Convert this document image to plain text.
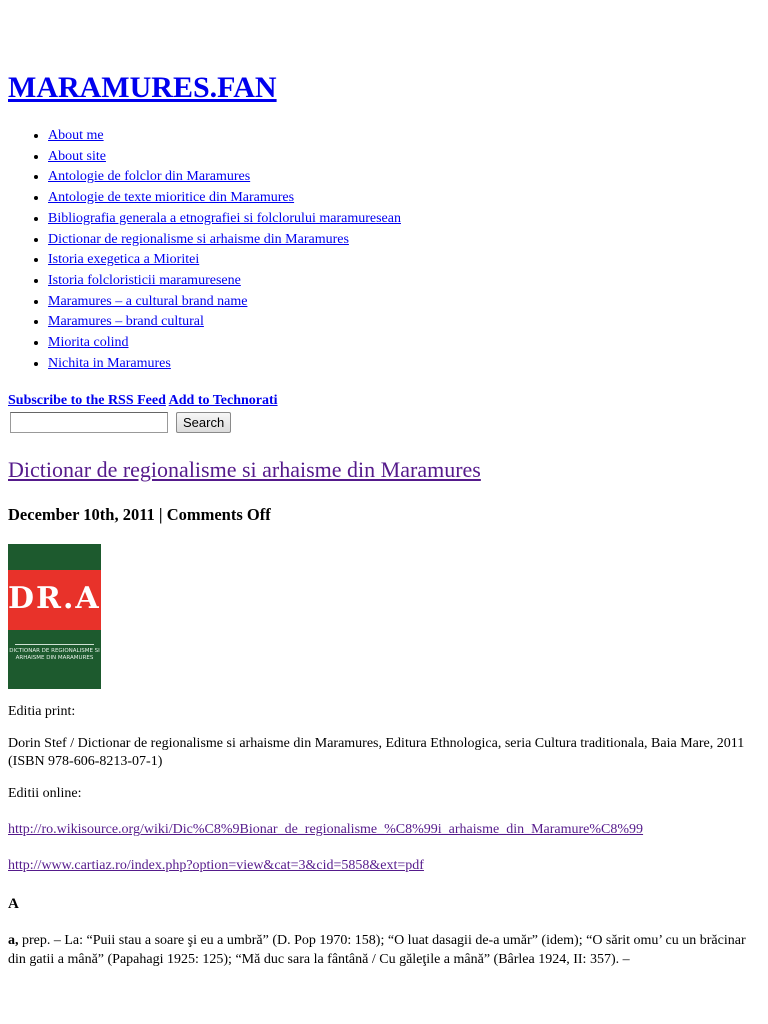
MARAMURES.FAN
• About me
• About site
• Antologie de folclor din Maramures
• Antologie de texte mioritice din Maramures
• Bibliografia generala a etnografiei si folclorului maramuresean
• Dictionar de regionalisme si arhaisme din Maramures
• Istoria exegetica a Mioritei
• Istoria folcloristicii maramuresene
• Maramures – a cultural brand name
• Maramures – brand cultural
• Miorita colind
• Nichita in Maramures
Subscribe to the RSS Feed Add to Technorati
Search
Dictionar de regionalisme si arhaisme din Maramures
December 10th, 2011 | Comments Off
DR.AH
DICTIONAR DE REGIONALISME SI ARHAISME DIN MARAMURES

Editia print:

Dorin Stef / Dictionar de regionalisme si arhaisme din Maramures, Editura Ethnologica, seria Cultura traditionala, Baia Mare, 2011 (ISBN 978-606-8213-07-1)

Editii online:

http://ro.wikisource.org/wiki/Dic%C8%9Bionar_de_regionalisme_%C8%99i_arhaisme_din_Maramure%C8%99

http://www.cartiaz.ro/index.php?option=view&cat=3&cid=5858&ext=pdf

A

a, prep. – La: “Puii stau a soare şi eu a umbră” (D. Pop 1970: 158); “O luat dasagii de-a umăr” (idem); “O sărit omu’ cu un brăcinar din gatii a mână” (Papahagi 1925: 125); “Mă duc sara la fântână / Cu găleţile a mână” (Bârlea 1924, II: 357). –
